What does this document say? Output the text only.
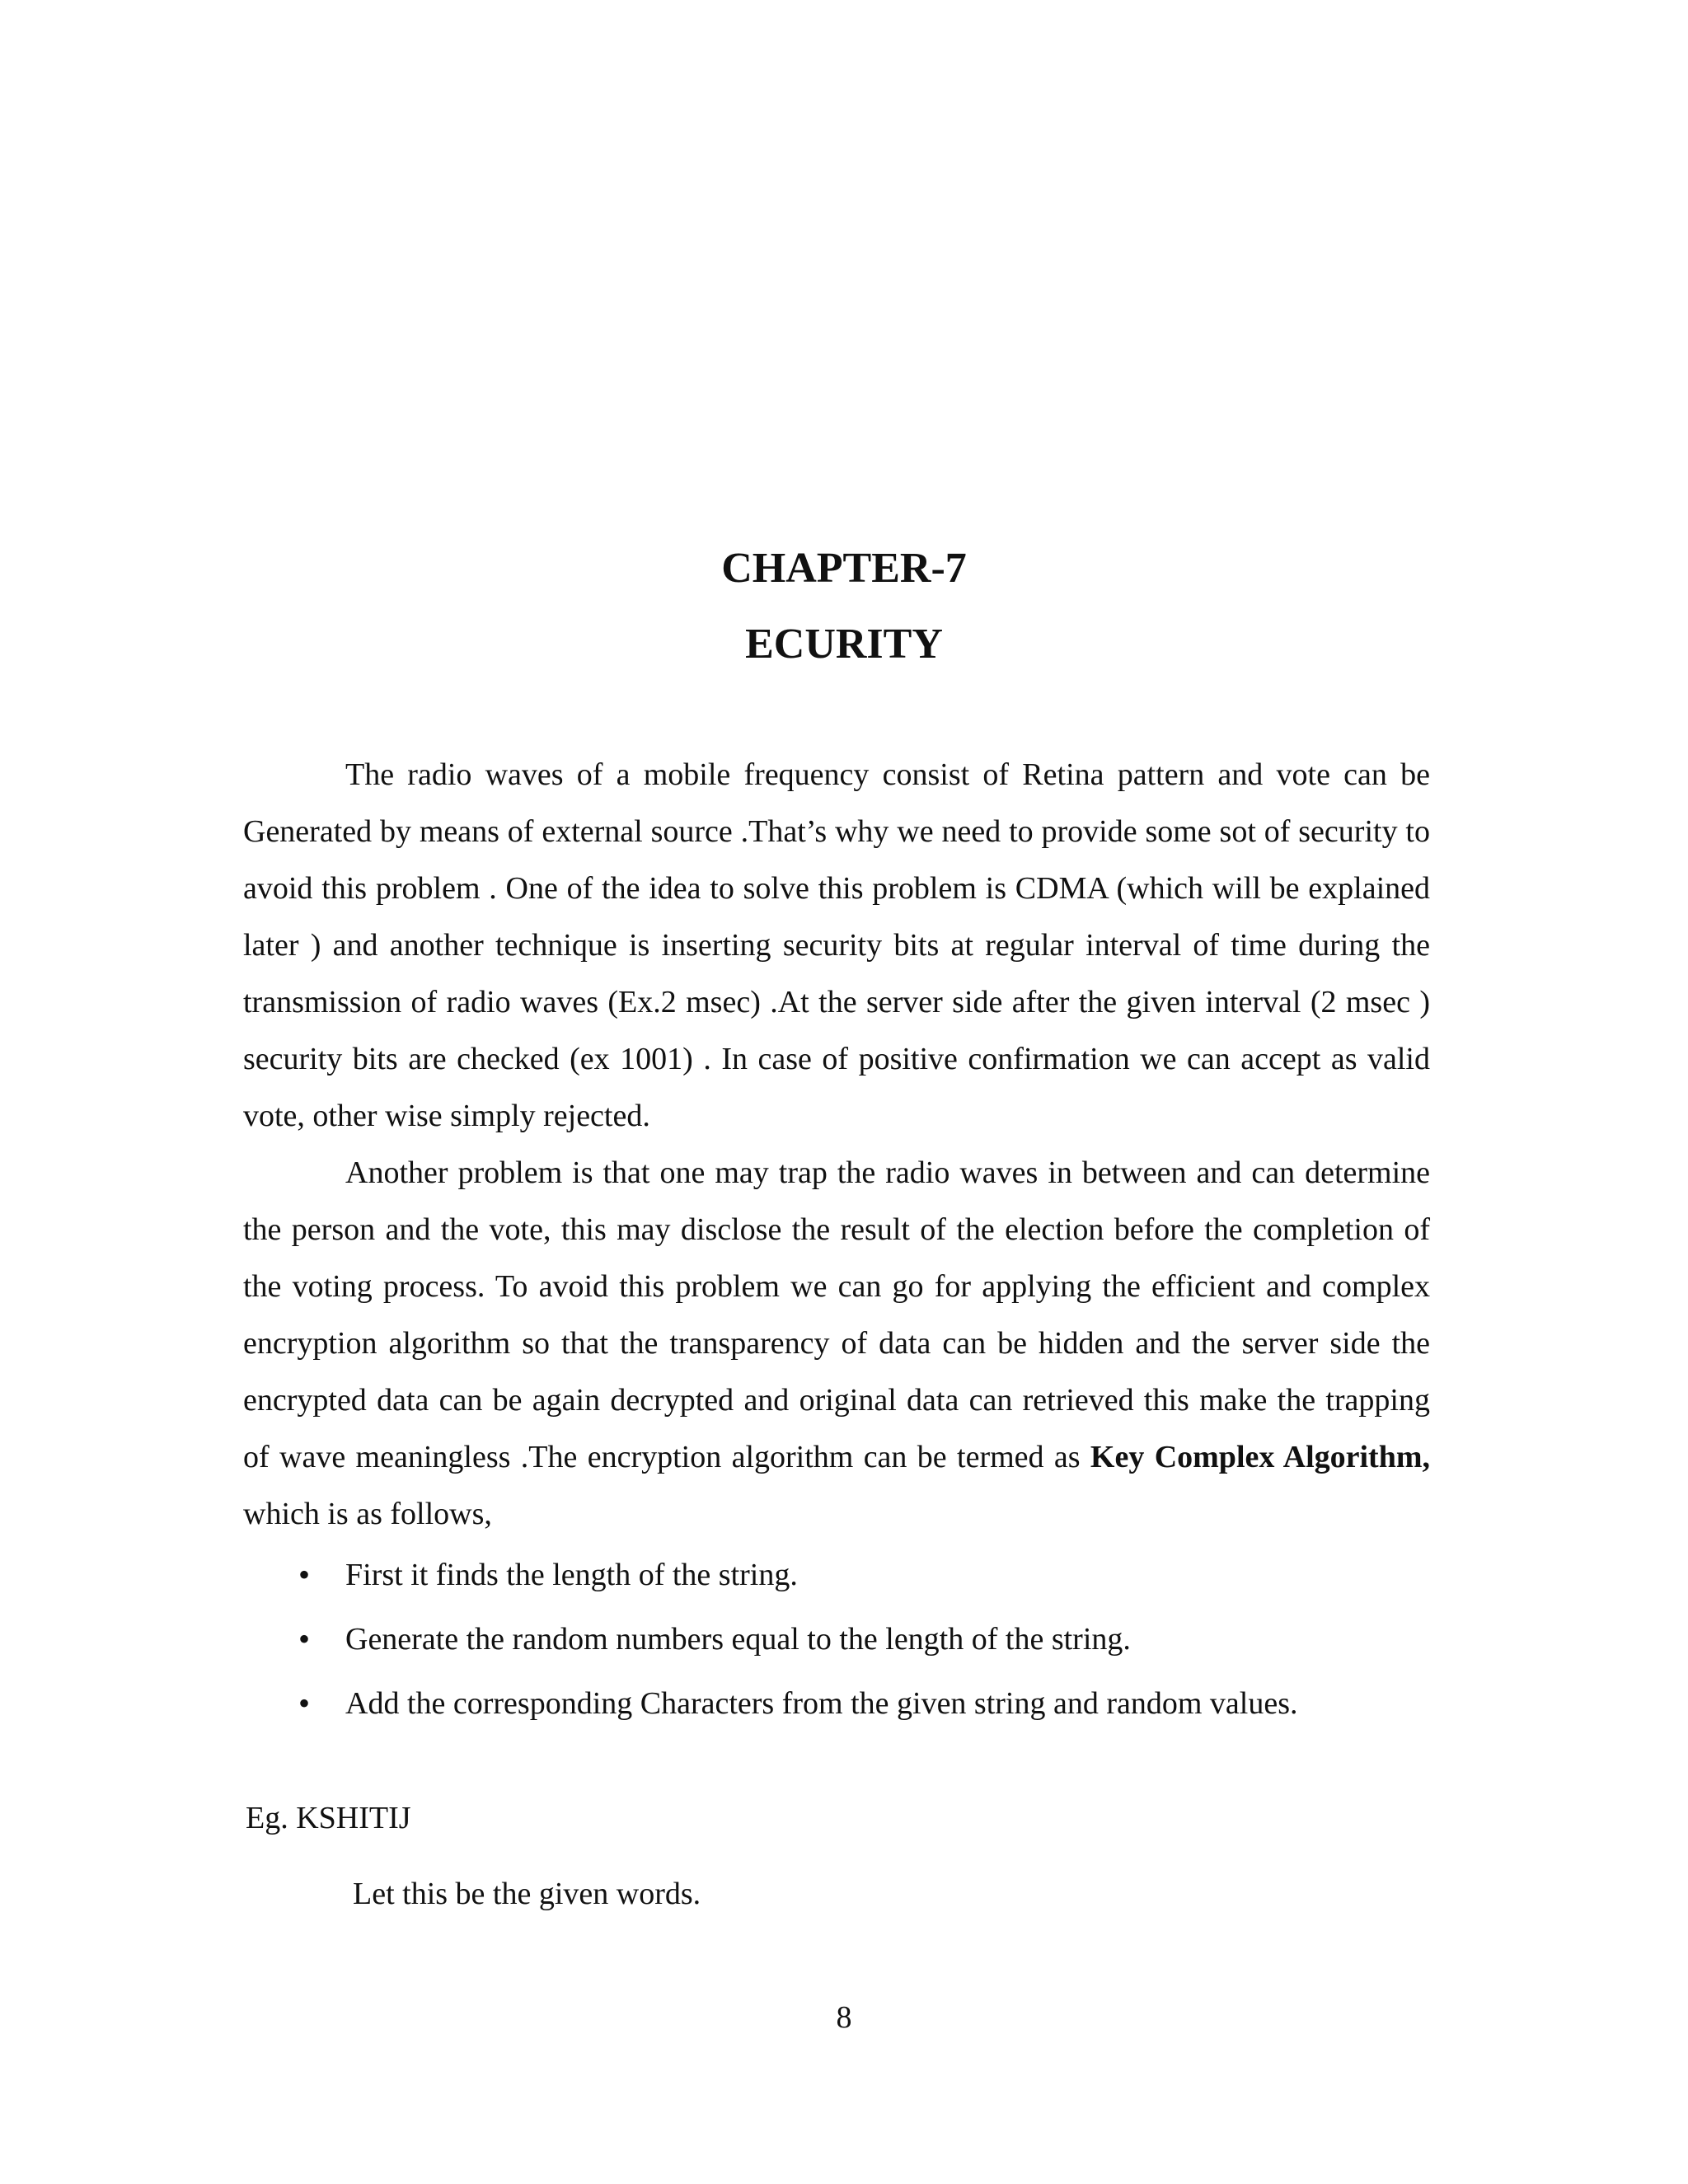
CHAPTER-7
ECURITY

The radio waves of a mobile frequency consist of Retina pattern and vote can be Generated by means of external source .That’s why we need to provide some sot of security to avoid this problem . One of the idea to solve this problem is CDMA (which will be explained later ) and another technique is inserting security bits at regular interval of time during the transmission of radio waves (Ex.2 msec) .At the server side after the given interval (2 msec ) security bits are checked (ex 1001) . In case of positive confirmation we can accept as valid vote, other wise simply rejected.

Another problem is that one may trap the radio waves in between and can determine the person and the vote, this may disclose the result of the election before the completion of the voting process. To avoid this problem we can go for applying the efficient and complex encryption algorithm so that the transparency of data can be hidden and the server side the encrypted data can be again decrypted and original data can retrieved this make the trapping of wave meaningless .The encryption algorithm can be termed as Key Complex Algorithm, which is as follows,

• First it finds the length of the string.
• Generate the random numbers equal to the length of the string.
• Add the corresponding Characters from the given string and random values.
Eg. KSHITIJ
Let this be the given words.
8
